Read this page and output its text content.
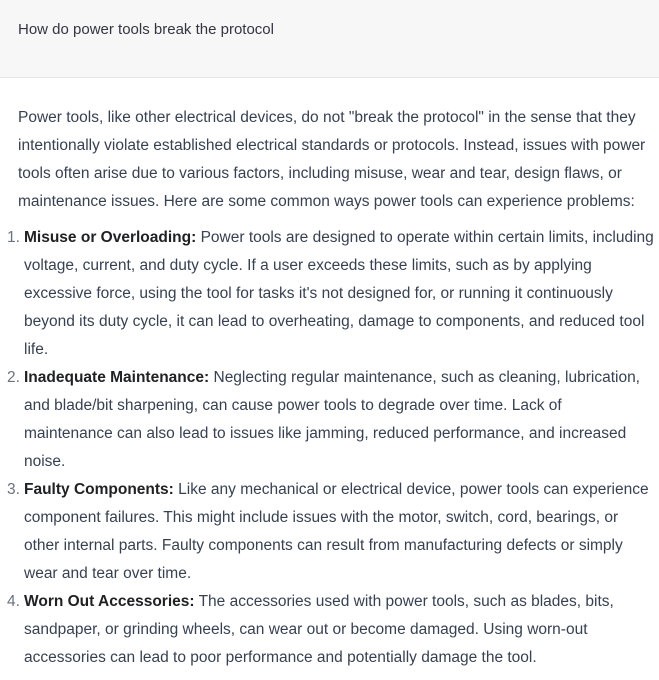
How do power tools break the protocol

Power tools, like other electrical devices, do not "break the protocol" in the sense that they
intentionally violate established electrical standards or protocols. Instead, issues with power
tools often arise due to various factors, including misuse, wear and tear, design flaws, or
maintenance issues. Here are some common ways power tools can experience problems:

1. Misuse or Overloading: Power tools are designed to operate within certain limits, including
voltage, current, and duty cycle. If a user exceeds these limits, such as by applying
excessive force, using the tool for tasks it's not designed for, or running it continuously
beyond its duty cycle, it can lead to overheating, damage to components, and reduced tool
life.
2. Inadequate Maintenance: Neglecting regular maintenance, such as cleaning, lubrication,
and blade/bit sharpening, can cause power tools to degrade over time. Lack of
maintenance can also lead to issues like jamming, reduced performance, and increased
noise.
3. Faulty Components: Like any mechanical or electrical device, power tools can experience
component failures. This might include issues with the motor, switch, cord, bearings, or
other internal parts. Faulty components can result from manufacturing defects or simply
wear and tear over time.
4. Worn Out Accessories: The accessories used with power tools, such as blades, bits,
sandpaper, or grinding wheels, can wear out or become damaged. Using worn-out
accessories can lead to poor performance and potentially damage the tool.
